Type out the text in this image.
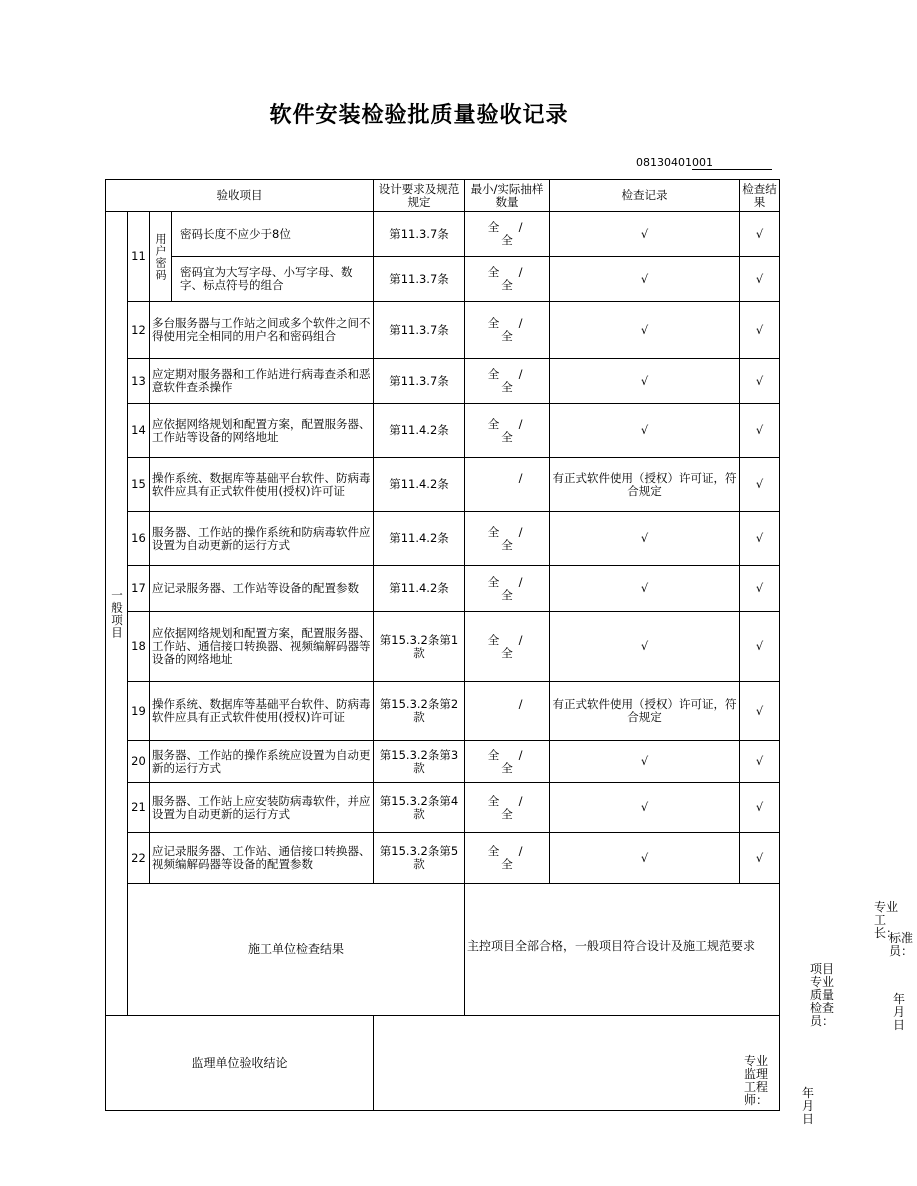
软件安装检验批质量验收记录
08130401001
验收项目				设计要求及规范规定	最小/实际抽样数量	检查记录	检查结果
一般项目	11	用户密码	密码长度不应少于8位	第11.3.7条	全 /全	√	√
			密码宜为大写字母、小写字母、数字、标点符号的组合	第11.3.7条	全 /全	√	√
	12	多台服务器与工作站之间或多个软件之间不得使用完全相同的用户名和密码组合		第11.3.7条	全 /全	√	√
	13	应定期对服务器和工作站进行病毒查杀和恶意软件查杀操作		第11.3.7条	全 /全	√	√
	14	应依据网络规划和配置方案，配置服务器、工作站等设备的网络地址		第11.4.2条	全 /全	√	√
	15	操作系统、数据库等基础平台软件、防病毒软件应具有正式软件使用(授权)许可证		第11.4.2条	/	有正式软件使用（授权）许可证，符合规定	√
	16	服务器、工作站的操作系统和防病毒软件应设置为自动更新的运行方式		第11.4.2条	全 /全	√	√
	17	应记录服务器、工作站等设备的配置参数		第11.4.2条	全 /全	√	√
	18	应依据网络规划和配置方案，配置服务器、工作站、通信接口转换器、视频编解码器等设备的网络地址		第15.3.2条第1款	全 /全	√	√
	19	操作系统、数据库等基础平台软件、防病毒软件应具有正式软件使用(授权)许可证		第15.3.2条第2款	/	有正式软件使用（授权）许可证，符合规定	√
	20	服务器、工作站的操作系统应设置为自动更新的运行方式		第15.3.2条第3款	全 /全	√	√
	21	服务器、工作站上应安装防病毒软件，并应设置为自动更新的运行方式		第15.3.2条第4款	全 /全	√	√
	22	应记录服务器、工作站、通信接口转换器、视频编解码器等设备的配置参数		第15.3.2条第5款	全 /全	√	√
	施工单位检查结果				主控项目全部合格，一般项目符合设计及施工规范要求
专业工长：
标准员：
项目专业质量检查员：
年　月　日		

监理单位验收结论				专业监理工程师： 年　月　日			
